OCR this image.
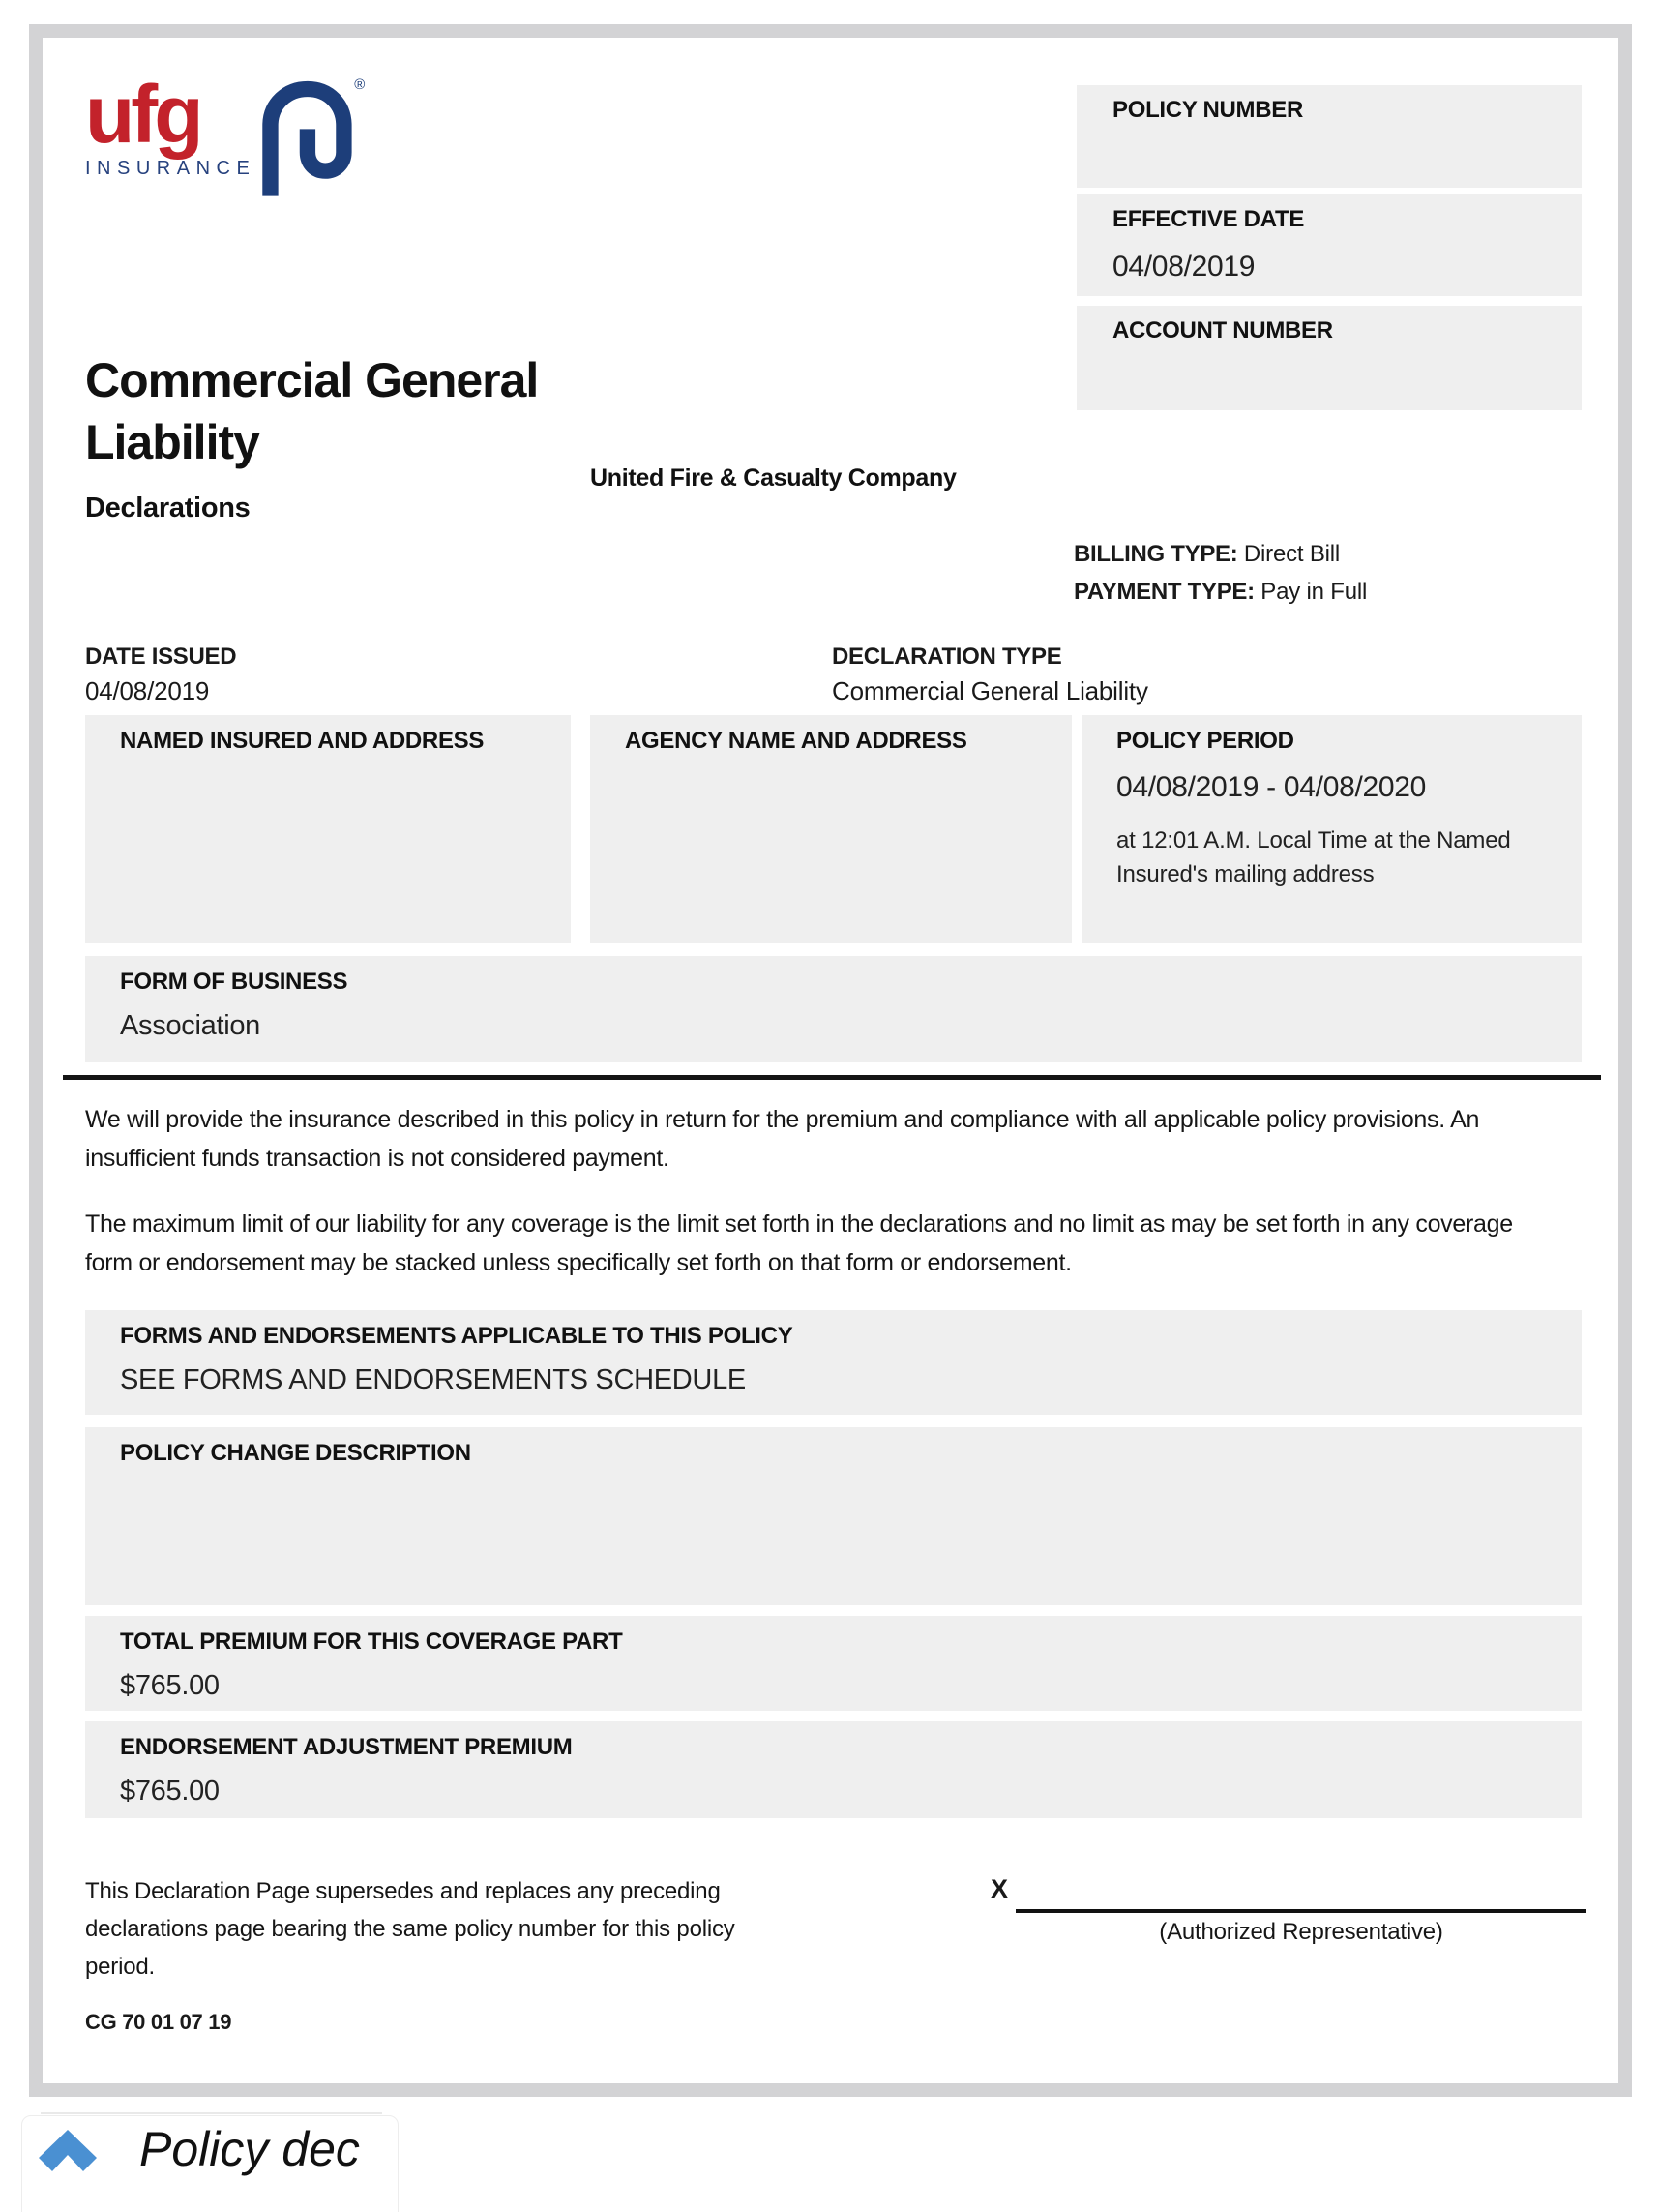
ufg
INSURANCE
®
POLICY NUMBER
EFFECTIVE DATE
04/08/2019
ACCOUNT NUMBER
Commercial General
Liability
Declarations
United Fire & Casualty Company
BILLING TYPE: Direct Bill
PAYMENT TYPE: Pay in Full
DATE ISSUED
04/08/2019
DECLARATION TYPE
Commercial General Liability
NAMED INSURED AND ADDRESS	AGENCY NAME AND ADDRESS	POLICY PERIOD
04/08/2019 - 04/08/2020
at 12:01 A.M. Local Time at the Named Insured's mailing address
FORM OF BUSINESS
Association
We will provide the insurance described in this policy in return for the premium and compliance with all applicable policy provisions. An insufficient funds transaction is not considered payment.
The maximum limit of our liability for any coverage is the limit set forth in the declarations and no limit as may be set forth in any coverage form or endorsement may be stacked unless specifically set forth on that form or endorsement.
FORMS AND ENDORSEMENTS APPLICABLE TO THIS POLICY
SEE FORMS AND ENDORSEMENTS SCHEDULE
POLICY CHANGE DESCRIPTION
TOTAL PREMIUM FOR THIS COVERAGE PART
$765.00
ENDORSEMENT ADJUSTMENT PREMIUM
$765.00
This Declaration Page supersedes and replaces any preceding declarations page bearing the same policy number for this policy period.
X
(Authorized Representative)
CG 70 01 07 19
Policy dec
